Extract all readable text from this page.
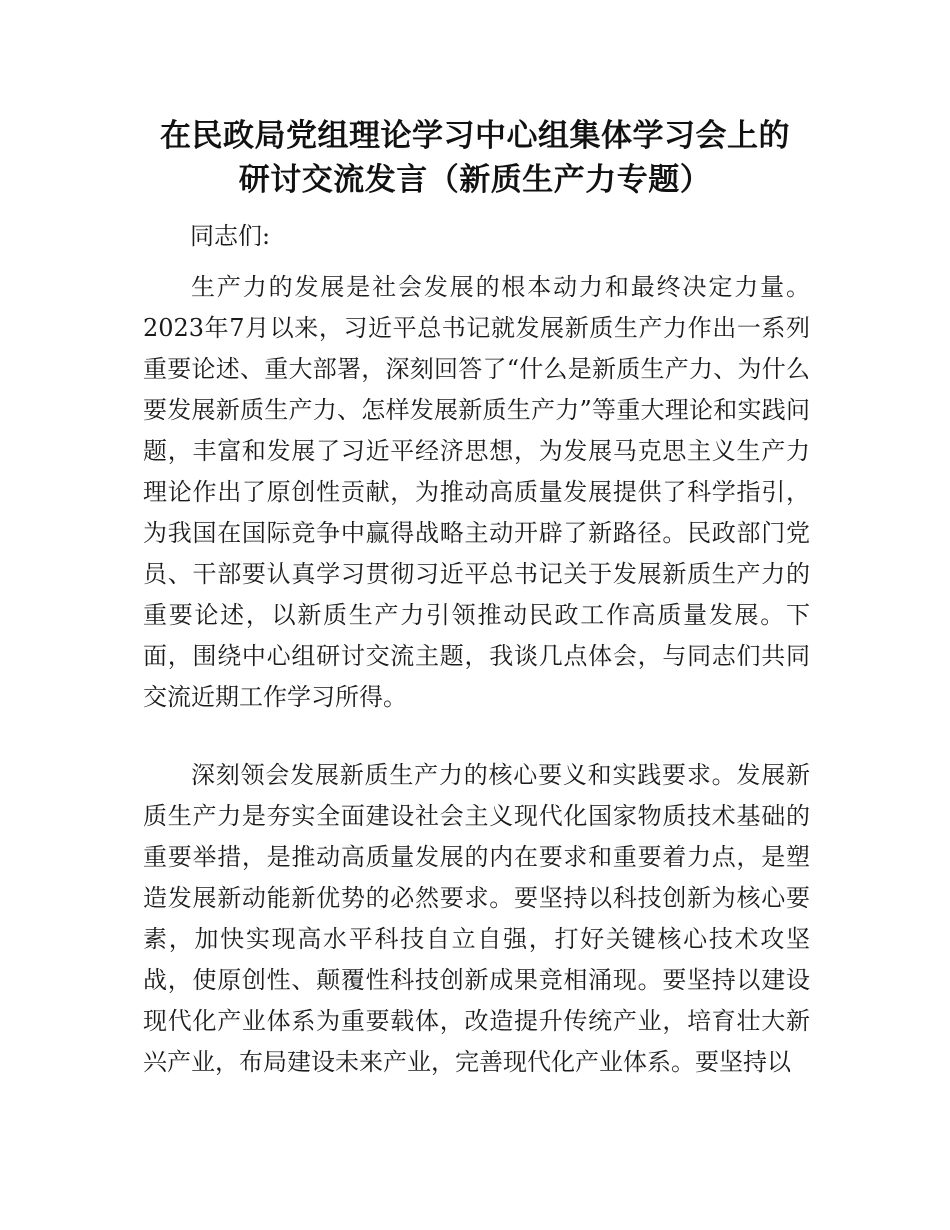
在民政局党组理论学习中心组集体学习会上的
研讨交流发言（新质生产力专题）
同志们:

生产力的发展是社会发展的根本动力和最终决定力量。2023年7月以来，习近平总书记就发展新质生产力作出一系列重要论述、重大部署，深刻回答了“什么是新质生产力、为什么要发展新质生产力、怎样发展新质生产力”等重大理论和实践问题，丰富和发展了习近平经济思想，为发展马克思主义生产力理论作出了原创性贡献，为推动高质量发展提供了科学指引，为我国在国际竞争中赢得战略主动开辟了新路径。民政部门党员、干部要认真学习贯彻习近平总书记关于发展新质生产力的重要论述，以新质生产力引领推动民政工作高质量发展。下面，围绕中心组研讨交流主题，我谈几点体会，与同志们共同交流近期工作学习所得。

深刻领会发展新质生产力的核心要义和实践要求。发展新质生产力是夯实全面建设社会主义现代化国家物质技术基础的重要举措，是推动高质量发展的内在要求和重要着力点，是塑造发展新动能新优势的必然要求。要坚持以科技创新为核心要素，加快实现高水平科技自立自强，打好关键核心技术攻坚战，使原创性、颠覆性科技创新成果竞相涌现。要坚持以建设现代化产业体系为重要载体，改造提升传统产业，培育壮大新兴产业，布局建设未来产业，完善现代化产业体系。要坚持以
